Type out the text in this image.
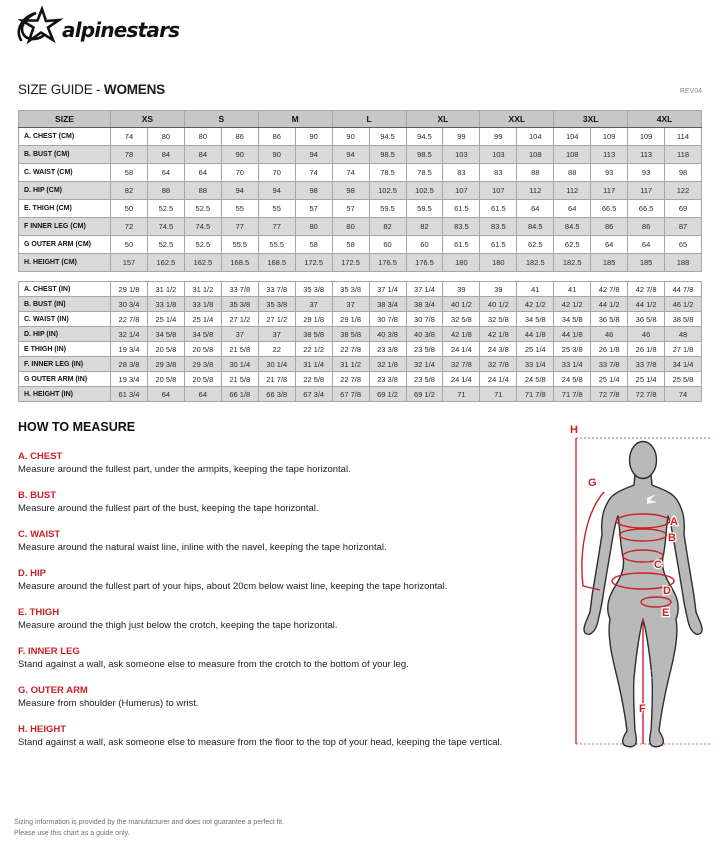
alpinestars
SIZE GUIDE - WOMENS	REV04
SIZE	XS		S		M		L		XL		XXL		3XL		4XL	
A. CHEST (CM)	74	80	80	86	86	90	90	94.5	94.5	99	99	104	104	109	109	114
B. BUST (CM)	78	84	84	90	90	94	94	98.5	98.5	103	103	108	108	113	113	118
C. WAIST (CM)	58	64	64	70	70	74	74	78.5	78.5	83	83	88	88	93	93	98
D. HIP (CM)	82	88	88	94	94	98	98	102.5	102.5	107	107	112	112	117	117	122
E. THIGH (CM)	50	52.5	52.5	55	55	57	57	59.5	59.5	61.5	61.5	64	64	66.5	66.5	69
F INNER LEG (CM)	72	74.5	74.5	77	77	80	80	82	82	83.5	83.5	84.5	84.5	86	86	87
G OUTER ARM (CM)	50	52.5	52.5	55.5	55.5	58	58	60	60	61.5	61.5	62.5	62.5	64	64	65
H. HEIGHT (CM)	157	162.5	162.5	168.5	168.5	172.5	172.5	176.5	176.5	180	180	182.5	182.5	185	185	188
A. CHEST (IN)	29 1/8	31 1/2	31 1/2	33 7/8	33 7/8	35 3/8	35 3/8	37 1/4	37 1/4	39	39	41	41	42 7/8	42 7/8	44 7/8
B. BUST (IN)	30 3/4	33 1/8	33 1/8	35 3/8	35 3/8	37	37	38 3/4	38 3/4	40 1/2	40 1/2	42 1/2	42 1/2	44 1/2	44 1/2	46 1/2
C. WAIST (IN)	22 7/8	25 1/4	25 1/4	27 1/2	27 1/2	29 1/8	29 1/8	30 7/8	30 7/8	32 5/8	32 5/8	34 5/8	34 5/8	36 5/8	36 5/8	38 5/8
D. HIP (IN)	32 1/4	34 5/8	34 5/8	37	37	38 5/8	38 5/8	40 3/8	40 3/8	42 1/8	42 1/8	44 1/8	44 1/8	46	46	48
E THIGH (IN)	19 3/4	20 5/8	20 5/8	21 5/8	22	22 1/2	22 7/8	23 3/8	23 5/8	24 1/4	24 3/8	25 1/4	25 3/8	26 1/8	26 1/8	27 1/8
F. INNER LEG (IN)	28 3/8	29 3/8	29 3/8	30 1/4	30 1/4	31 1/4	31 1/2	32 1/8	32 1/4	32 7/8	32 7/8	33 1/4	33 1/4	33 7/8	33 7/8	34 1/4
G OUTER ARM (IN)	19 3/4	20 5/8	20 5/8	21 5/8	21 7/8	22 5/8	22 7/8	23 3/8	23 5/8	24 1/4	24 1/4	24 5/8	24 5/8	25 1/4	25 1/4	25 5/8
H. HEIGHT (IN)	61 3/4	64	64	66 1/8	66 3/8	67 3/4	67 7/8	69 1/2	69 1/2	71	71	71 7/8	71 7/8	72 7/8	72 7/8	74
HOW TO MEASURE
A. CHEST
Measure around the fullest part, under the armpits, keeping the tape horizontal.
B. BUST
Measure around the fullest part of the bust, keeping the tape horizontal.
C. WAIST
Measure around the natural waist line, inline with the navel, keeping the tape horizontal.
D. HIP
Measure around the fullest part of your hips, about 20cm below waist line, keeping the tape horizontal.
E. THIGH
Measure around the thigh just below the crotch, keeping the tape horizontal.
F. INNER LEG
Stand against a wall, ask someone else to measure from the crotch to the bottom of your leg.
G. OUTER ARM
Measure from shoulder (Humerus) to wrist.
H. HEIGHT
Stand against a wall, ask someone else to measure from the floor to the top of your head, keeping the tape vertical.
H
G
A
B
C
D
E
F
Sizing information is provided by the manufacturer and does not guarantee a perfect fit.
Please use this chart as a guide only.
